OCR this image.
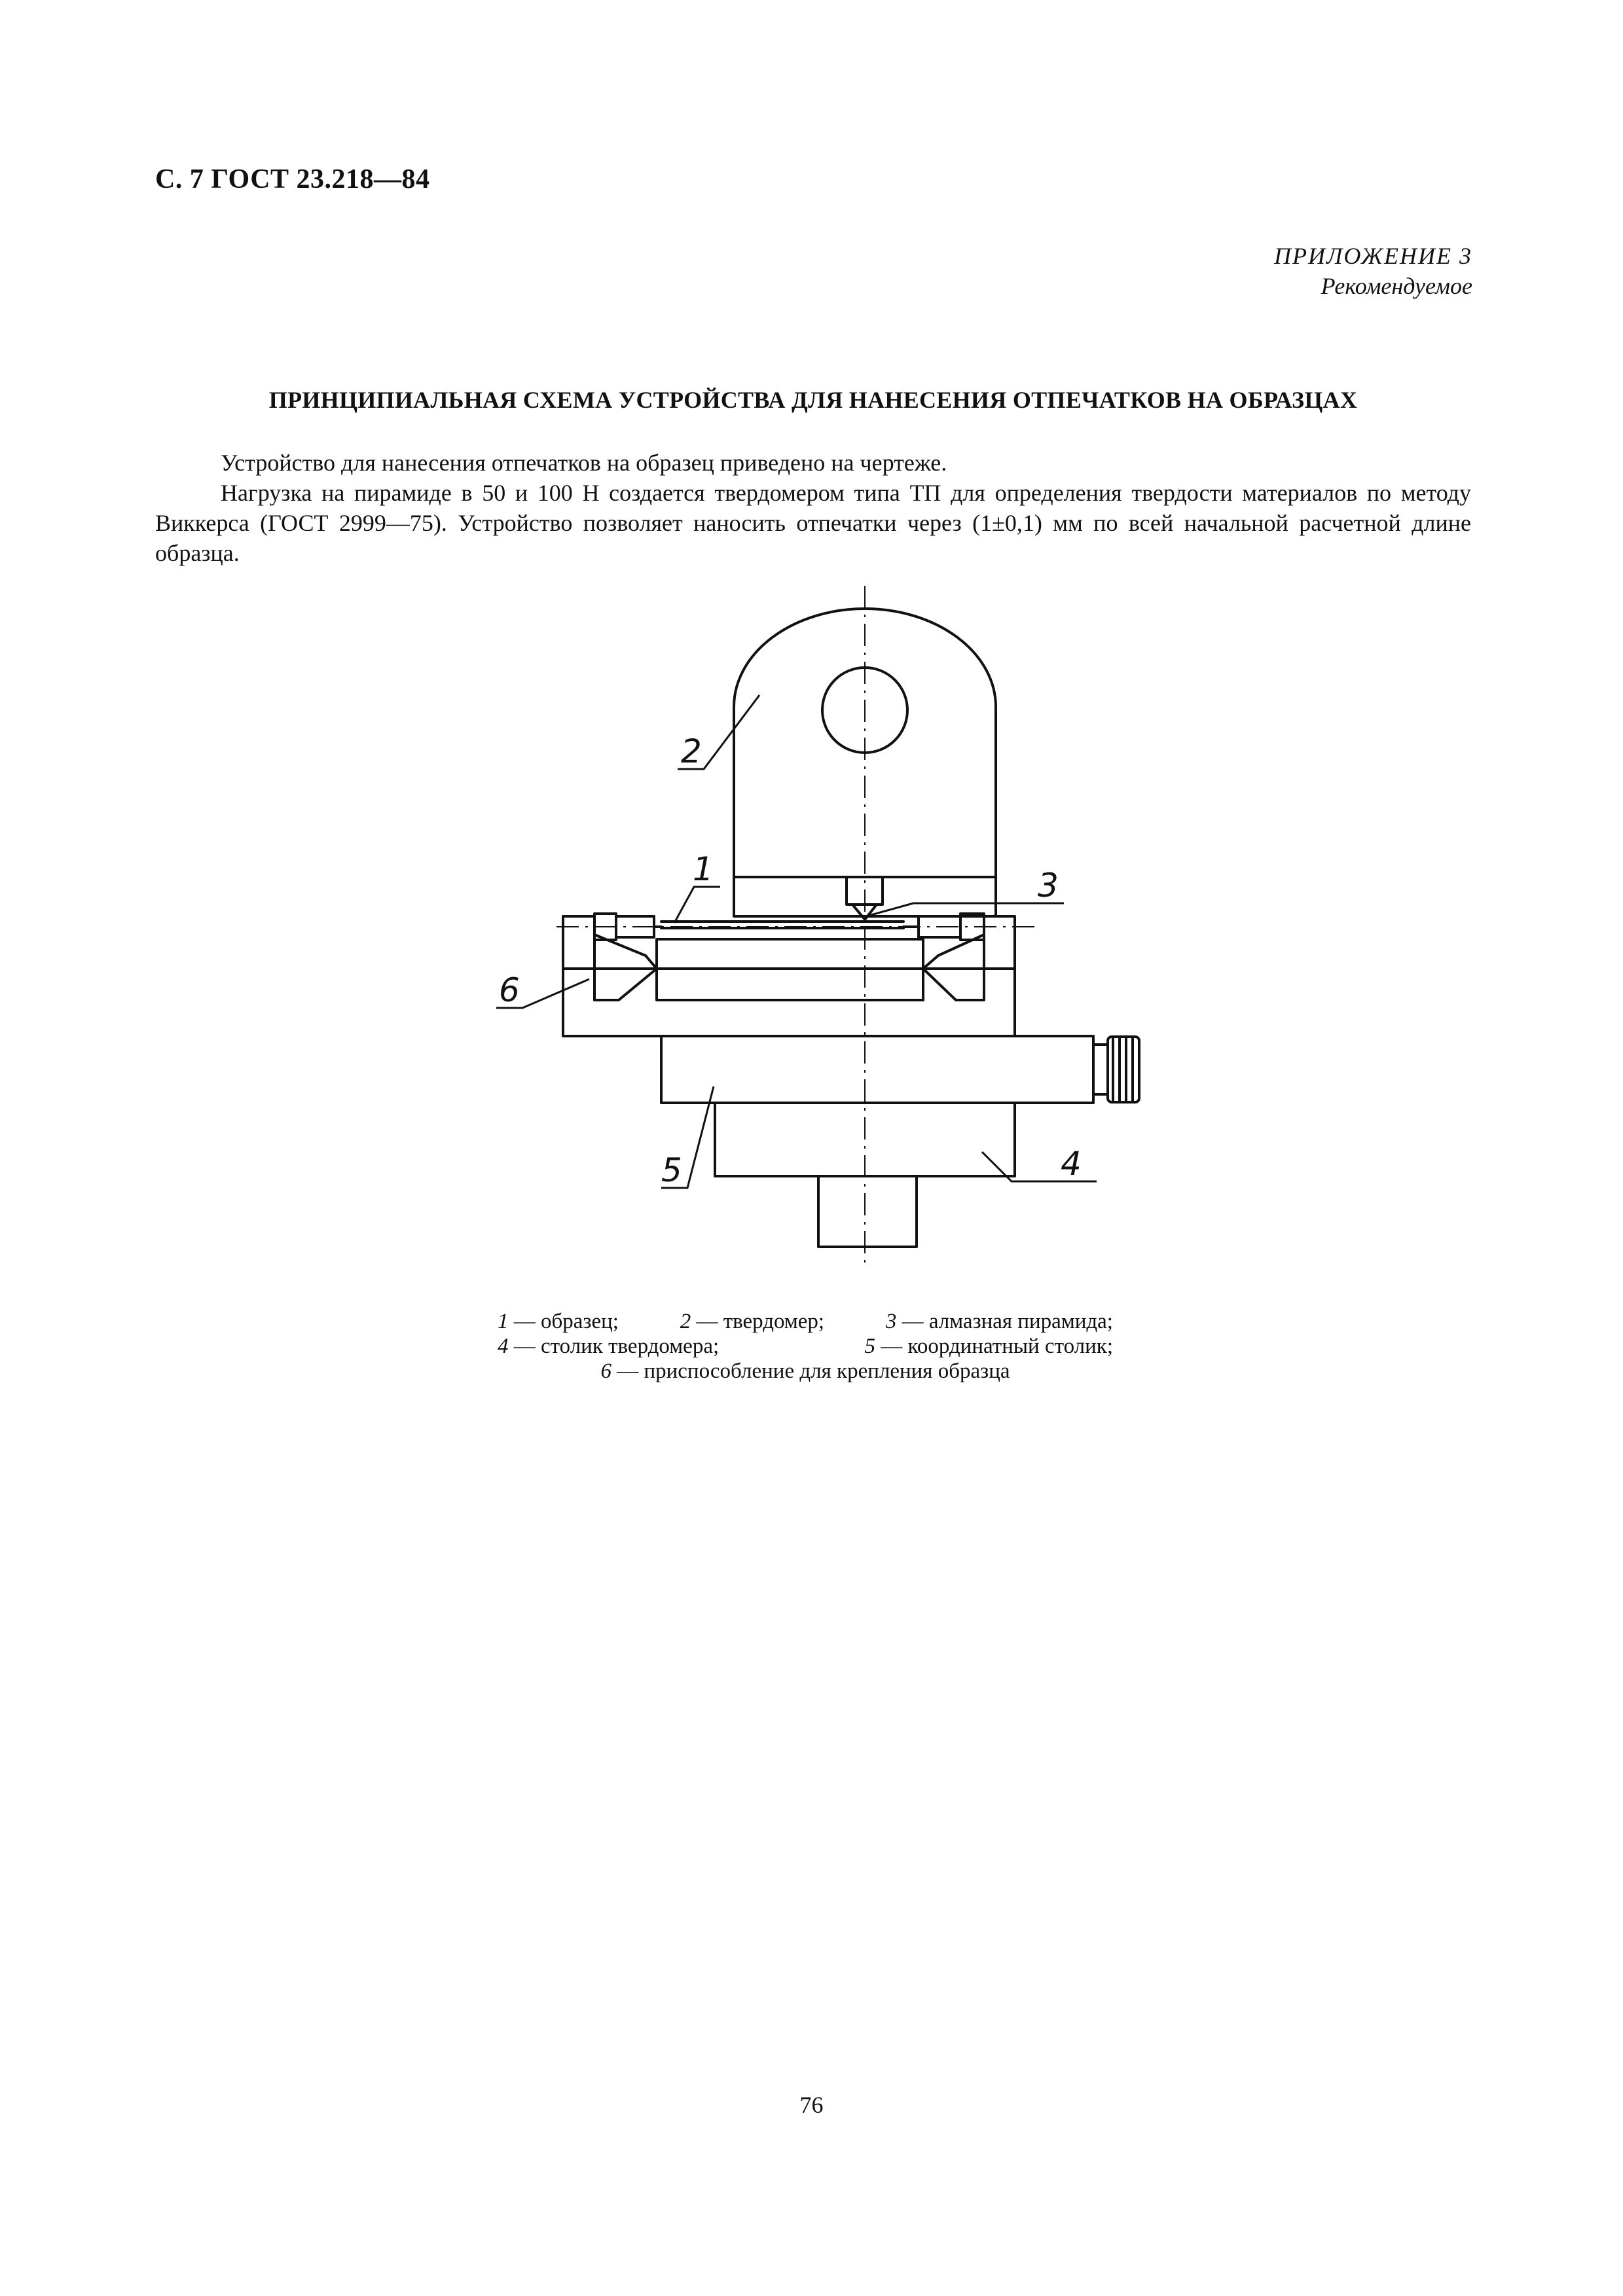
С. 7 ГОСТ 23.218—84
ПРИЛОЖЕНИЕ 3
Рекомендуемое
ПРИНЦИПИАЛЬНАЯ СХЕМА УСТРОЙСТВА ДЛЯ НАНЕСЕНИЯ ОТПЕЧАТКОВ НА ОБРАЗЦАХ

Устройство для нанесения отпечатков на образец приведено на чертеже.

Нагрузка на пирамиде в 50 и 100 Н создается твердомером типа ТП для определения твердости материалов по методу Виккерса (ГОСТ 2999—75). Устройство позволяет наносить отпечатки через (1±0,1) мм по всей начальной расчетной длине образца.

1
2
3
4
5
6
1 — образец;	2 — твердомер;	3 — алмазная пирамида;
4 — столик твердомера;	5 — координатный столик;
6 — приспособление для крепления образца
76
